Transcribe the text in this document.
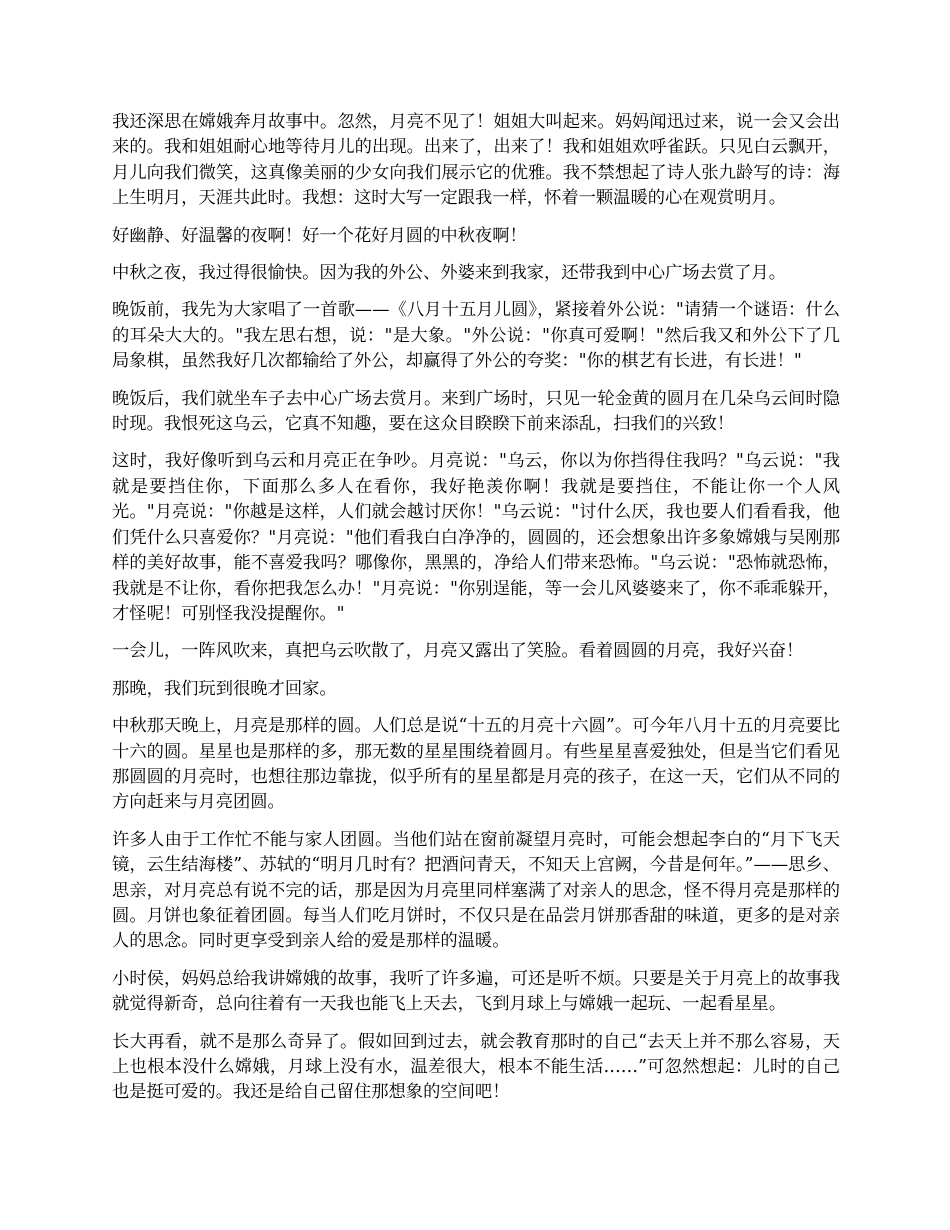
我还深思在嫦娥奔月故事中。忽然，月亮不见了！姐姐大叫起来。妈妈闻迅过来，说一会又会出来的。我和姐姐耐心地等待月儿的出现。出来了，出来了！我和姐姐欢呼雀跃。只见白云飘开，月儿向我们微笑，这真像美丽的少女向我们展示它的优雅。我不禁想起了诗人张九龄写的诗：海上生明月，天涯共此时。我想：这时大写一定跟我一样，怀着一颗温暖的心在观赏明月。

好幽静、好温馨的夜啊！好一个花好月圆的中秋夜啊！

中秋之夜，我过得很愉快。因为我的外公、外婆来到我家，还带我到中心广场去赏了月。

晚饭前，我先为大家唱了一首歌——《八月十五月儿圆》，紧接着外公说："请猜一个谜语：什么的耳朵大大的。"我左思右想，说："是大象。"外公说："你真可爱啊！"然后我又和外公下了几局象棋，虽然我好几次都输给了外公，却赢得了外公的夸奖："你的棋艺有长进，有长进！"

晚饭后，我们就坐车子去中心广场去赏月。来到广场时，只见一轮金黄的圆月在几朵乌云间时隐时现。我恨死这乌云，它真不知趣，要在这众目睽睽下前来添乱，扫我们的兴致！

这时，我好像听到乌云和月亮正在争吵。月亮说："乌云，你以为你挡得住我吗？"乌云说："我就是要挡住你，下面那么多人在看你，我好艳羡你啊！我就是要挡住，不能让你一个人风光。"月亮说："你越是这样，人们就会越讨厌你！"乌云说："讨什么厌，我也要人们看看我，他们凭什么只喜爱你？"月亮说："他们看我白白净净的，圆圆的，还会想象出许多象嫦娥与吴刚那样的美好故事，能不喜爱我吗？哪像你，黑黑的，净给人们带来恐怖。"乌云说："恐怖就恐怖，我就是不让你，看你把我怎么办！"月亮说："你别逞能，等一会儿风婆婆来了，你不乖乖躲开，才怪呢！可别怪我没提醒你。"

一会儿，一阵风吹来，真把乌云吹散了，月亮又露出了笑脸。看着圆圆的月亮，我好兴奋！

那晚，我们玩到很晚才回家。

中秋那天晚上，月亮是那样的圆。人们总是说“十五的月亮十六圆”。可今年八月十五的月亮要比十六的圆。星星也是那样的多，那无数的星星围绕着圆月。有些星星喜爱独处，但是当它们看见那圆圆的月亮时，也想往那边靠拢，似乎所有的星星都是月亮的孩子，在这一天，它们从不同的方向赶来与月亮团圆。

许多人由于工作忙不能与家人团圆。当他们站在窗前凝望月亮时，可能会想起李白的“月下飞天镜，云生结海楼”、苏轼的“明月几时有？把酒问青天，不知天上宫阙，今昔是何年。”——思乡、思亲，对月亮总有说不完的话，那是因为月亮里同样塞满了对亲人的思念，怪不得月亮是那样的圆。月饼也象征着团圆。每当人们吃月饼时，不仅只是在品尝月饼那香甜的味道，更多的是对亲人的思念。同时更享受到亲人给的爱是那样的温暖。

小时侯，妈妈总给我讲嫦娥的故事，我听了许多遍，可还是听不烦。只要是关于月亮上的故事我就觉得新奇，总向往着有一天我也能飞上天去，飞到月球上与嫦娥一起玩、一起看星星。

长大再看，就不是那么奇异了。假如回到过去，就会教育那时的自己“去天上并不那么容易，天上也根本没什么嫦娥，月球上没有水，温差很大，根本不能生活……”可忽然想起：儿时的自己也是挺可爱的。我还是给自己留住那想象的空间吧！
